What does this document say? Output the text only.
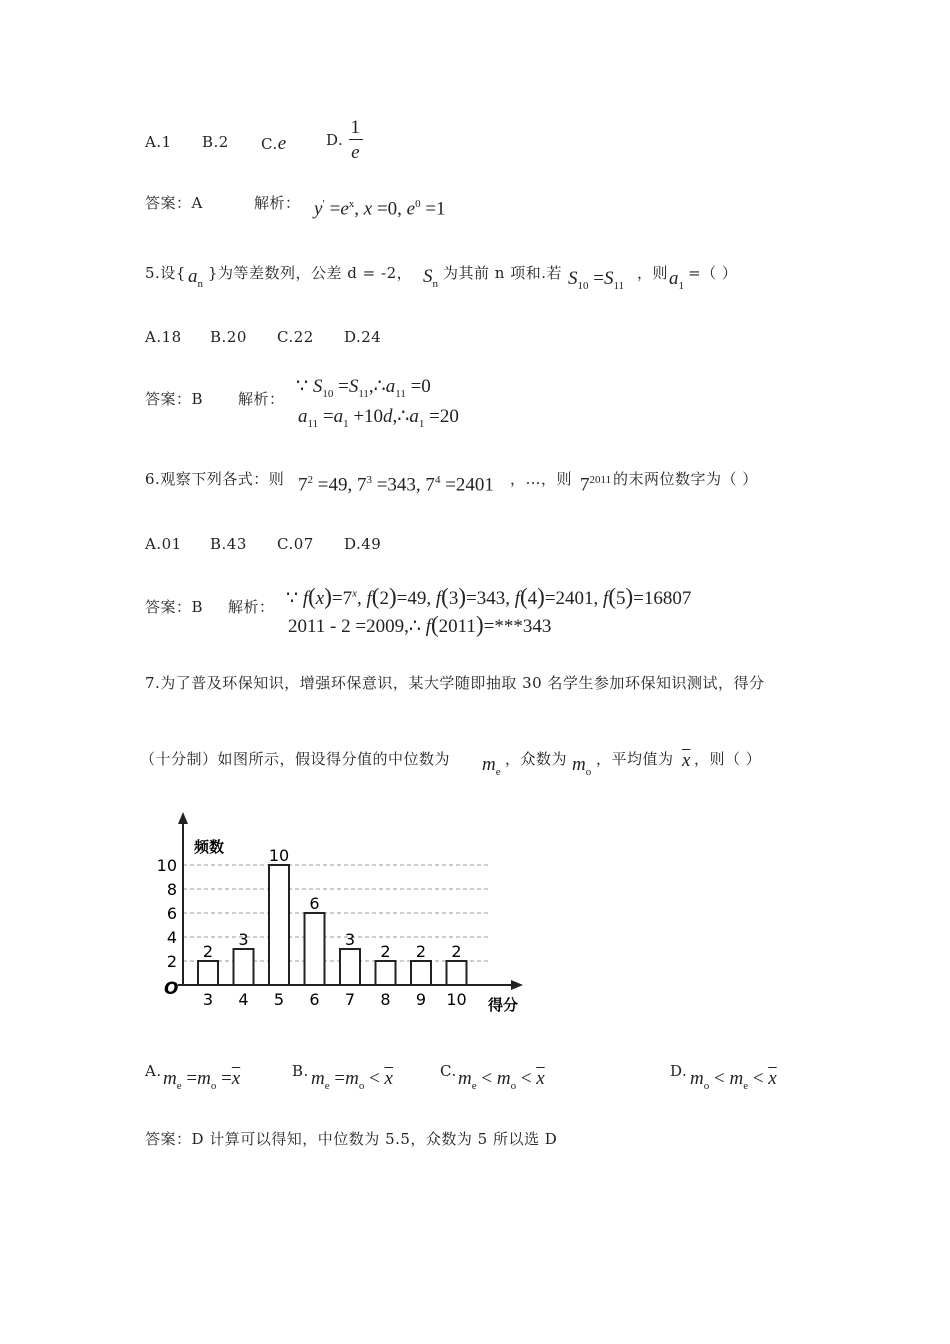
A.1 B.2 C.e	D. $\frac{1}{e}$
答案：A	解析： $y' =e^x$, x =0, $e^0 =1$
5.设{ $a_n$
}为等差数列，公差 d = -2， $S_n$
为其前 n 项和.若 $S_{10} =S_{11}$
，则 $a_1$
=（ ）
A.18 B.20 C.22 D.24
答案：B 解析：
∵ $S_{10}$ $=S_{11},\therefore a_{11} =0$
$a_{11} =a_1$ $+10d,\therefore a_1 =20$
6.观察下列各式：则 $7^2 =49$, $7^3 =343$, $7^4 =2401$ ，…，则 $7^{2011}$ 的末两位数字为（ ）
A.01 B.43 C.07 D.49
答案：B 解析： ∵ $f(x)=7^x$, f(2)=49, f(3)=343, f(4)=2401, f(5)=16807
2011 - 2 =2009,∴ f(2011)=***343
7.为了普及环保知识，增强环保意识，某大学随即抽取 30 名学生参加环保知识测试，得分
（十分制）如图所示，假设得分值的中位数为 $m_e$
，众数为 $m_o$
，平均值为 $\overline{x}$ ，则（ ）
频数
得分
O
2
4
6
8
10
2
3
3
4
10
5
6
6
3
7
2
8
2
9
2
10
A. $m_e =m_o =\overline{x}$	B. $m_e =m_o < \overline{x}$	C. $m_e < m_o < \overline{x}$	D. $m_o < m_e < \overline{x}$
答案：D 计算可以得知，中位数为 5.5，众数为 5 所以选 D
